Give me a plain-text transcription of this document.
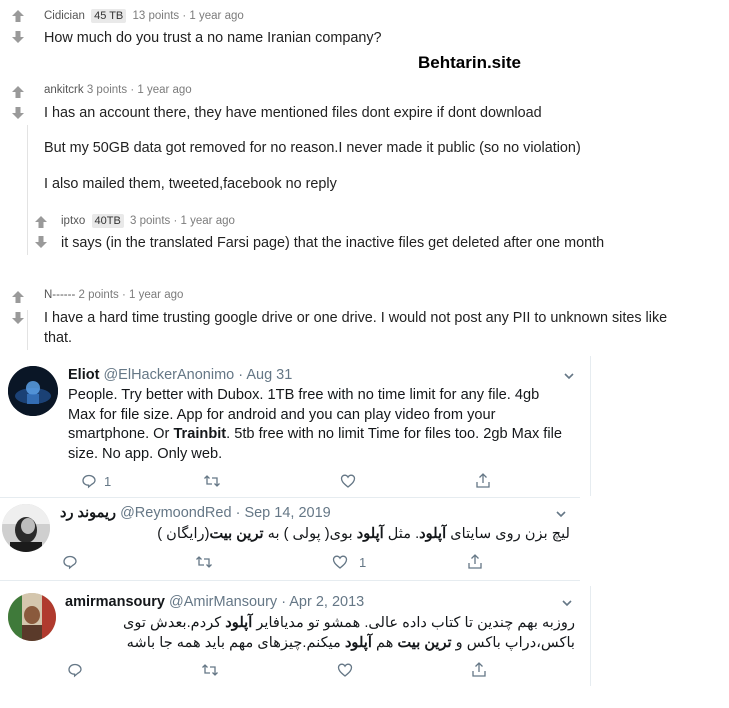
Behtarin.site
Cidician 45 TB 13 points · 1 year ago
How much do you trust a no name Iranian company?
ankitcrk 3 points · 1 year ago
I has an account there, they have mentioned files dont expire if dont download
But my 50GB data got removed for no reason.I never made it public (so no violation)
I also mailed them, tweeted,facebook no reply
iptxo 40TB 3 points · 1 year ago
it says (in the translated Farsi page) that the inactive files get deleted after one month
N------ 2 points · 1 year ago
I have a hard time trusting google drive or one drive. I would not post any PII to unknown sites like
that.
Eliot @ElHackerAnonimo · Aug 31
People. Try better with Dubox. 1TB free with no time limit for any file. 4gb Max for file size. App for android and you can play video from your smartphone. Or Trainbit. 5tb free with no limit Time for files too. 2gb Max file size. No app. Only web.
1
ريموند رد @ReymoondRed · Sep 14, 2019
لیچ بزن روی سایتای آپلود. مثل آپلود بوی( پولی ) به ترین بیت(رایگان )
1
amirmansoury @AmirMansoury · Apr 2, 2013
روزبه بهم چندین تا کتاب داده عالی. همشو تو مدیافایر آپلود کردم.بعدش توی باکس،دراپ باکس و ترین بیت هم آپلود میکنم.چیزهای مهم باید همه جا باشه
